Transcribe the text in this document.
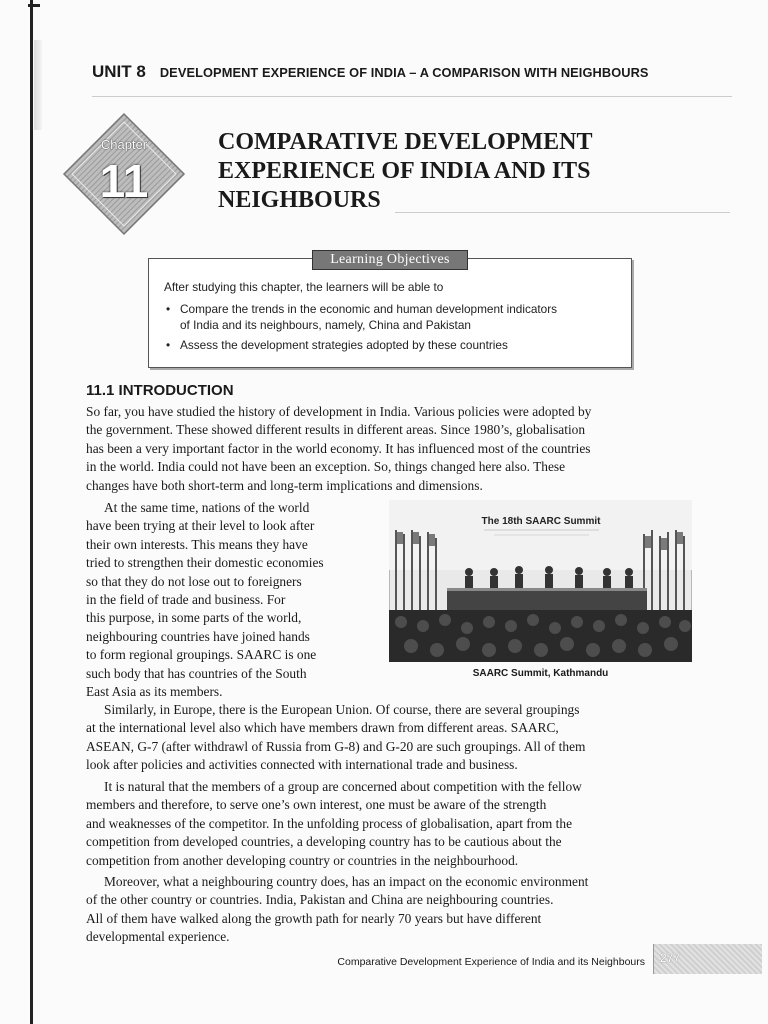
UNIT 8 DEVELOPMENT EXPERIENCE OF INDIA – A COMPARISON WITH NEIGHBOURS
Chapter
11
COMPARATIVE DEVELOPMENT
EXPERIENCE OF INDIA AND ITS
NEIGHBOURS
Learning Objectives

After studying this chapter, the learners will be able to

• Compare the trends in the economic and human development indicators
of India and its neighbours, namely, China and Pakistan
• Assess the development strategies adopted by these countries
11.1 INTRODUCTION
So far, you have studied the history of development in India. Various policies were adopted by
the government. These showed different results in different areas. Since 1980’s, globalisation
has been a very important factor in the world economy. It has influenced most of the countries
in the world. India could not have been an exception. So, things changed here also. These
changes have both short-term and long-term implications and dimensions.
At the same time, nations of the world
have been trying at their level to look after
their own interests. This means they have
tried to strengthen their domestic economies
so that they do not lose out to foreigners
in the field of trade and business. For
this purpose, in some parts of the world,
neighbouring countries have joined hands
to form regional groupings. SAARC is one
such body that has countries of the South
East Asia as its members.
The 18th SAARC Summit
SAARC Summit, Kathmandu
Similarly, in Europe, there is the European Union. Of course, there are several groupings
at the international level also which have members drawn from different areas. SAARC,
ASEAN, G-7 (after withdrawl of Russia from G-8) and G-20 are such groupings. All of them
look after policies and activities connected with international trade and business.
It is natural that the members of a group are concerned about competition with the fellow
members and therefore, to serve one’s own interest, one must be aware of the strength
and weaknesses of the competitor. In the unfolding process of globalisation, apart from the
competition from developed countries, a developing country has to be cautious about the
competition from another developing country or countries in the neighbourhood.
Moreover, what a neighbouring country does, has an impact on the economic environment
of the other country or countries. India, Pakistan and China are neighbouring countries.
All of them have walked along the growth path for nearly 70 years but have different
developmental experience.
Comparative Development Experience of India and its Neighbours 277
